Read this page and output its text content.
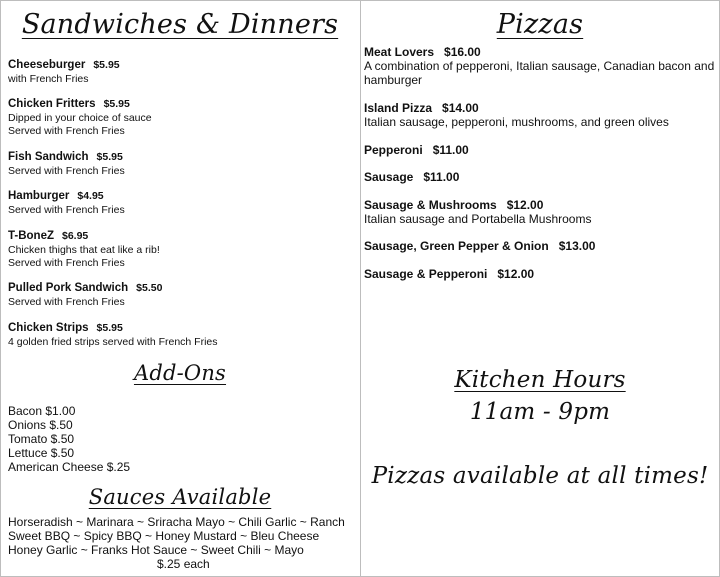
Sandwiches & Dinners
Cheeseburger $5.95
with French Fries
Chicken Fritters $5.95
Dipped in your choice of sauce
Served with French Fries
Fish Sandwich $5.95
Served with French Fries
Hamburger $4.95
Served with French Fries
T-BoneZ $6.95
Chicken thighs that eat like a rib!
Served with French Fries
Pulled Pork Sandwich $5.50
Served with French Fries
Chicken Strips $5.95
4 golden fried strips served with French Fries
Add-Ons
Bacon $1.00
Onions $.50
Tomato $.50
Lettuce $.50
American Cheese $.25
Sauces Available
Horseradish ~ Marinara ~ Sriracha Mayo ~ Chili Garlic ~ Ranch
Sweet BBQ ~ Spicy BBQ ~ Honey Mustard ~ Bleu Cheese
Honey Garlic ~ Franks Hot Sauce ~ Sweet Chili ~ Mayo
$.25 each
Pizzas
Meat Lovers $16.00
A combination of pepperoni, Italian sausage, Canadian bacon and
hamburger
Island Pizza $14.00
Italian sausage, pepperoni, mushrooms, and green olives
Pepperoni $11.00
Sausage $11.00
Sausage & Mushrooms $12.00
Italian sausage and Portabella Mushrooms
Sausage, Green Pepper & Onion $13.00
Sausage & Pepperoni $12.00
Kitchen Hours
11am - 9pm
Pizzas available at all times!
